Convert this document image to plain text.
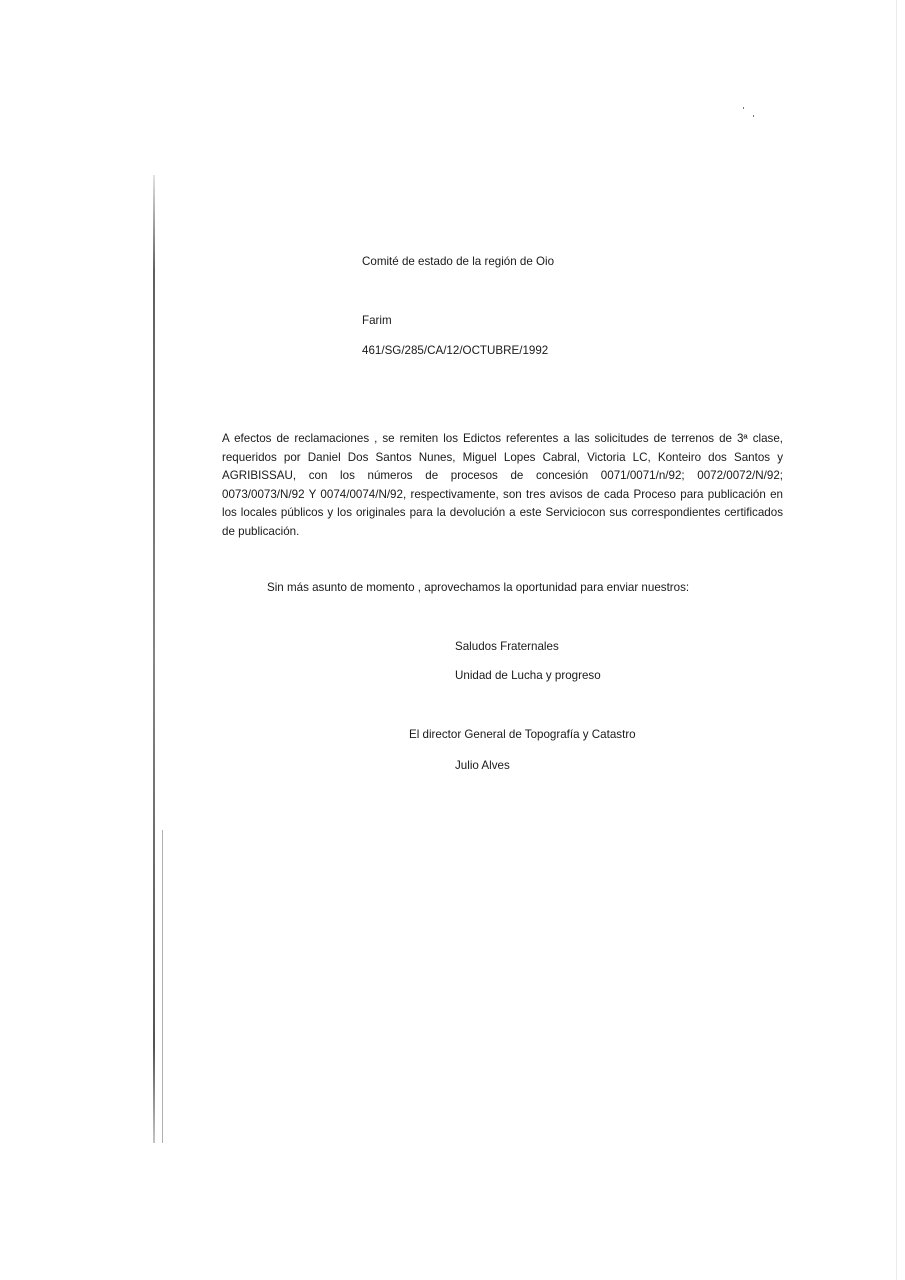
Comité de estado de la región de Oio
Farim
461/SG/285/CA/12/OCTUBRE/1992
A efectos de reclamaciones , se remiten los Edictos referentes a las solicitudes de terrenos de 3ª clase, requeridos por Daniel Dos Santos Nunes, Miguel Lopes Cabral, Victoria LC, Konteiro dos Santos y AGRIBISSAU, con los números de procesos de concesión 0071/0071/n/92; 0072/0072/N/92; 0073/0073/N/92 Y 0074/0074/N/92, respectivamente, son tres avisos de cada Proceso para publicación en los locales públicos y los originales para la devolución a este Serviciocon sus correspondientes certificados de publicación.
Sin más asunto de momento , aprovechamos la oportunidad para enviar nuestros:
Saludos Fraternales
Unidad de Lucha y progreso
El director General de Topografía y Catastro
Julio Alves
